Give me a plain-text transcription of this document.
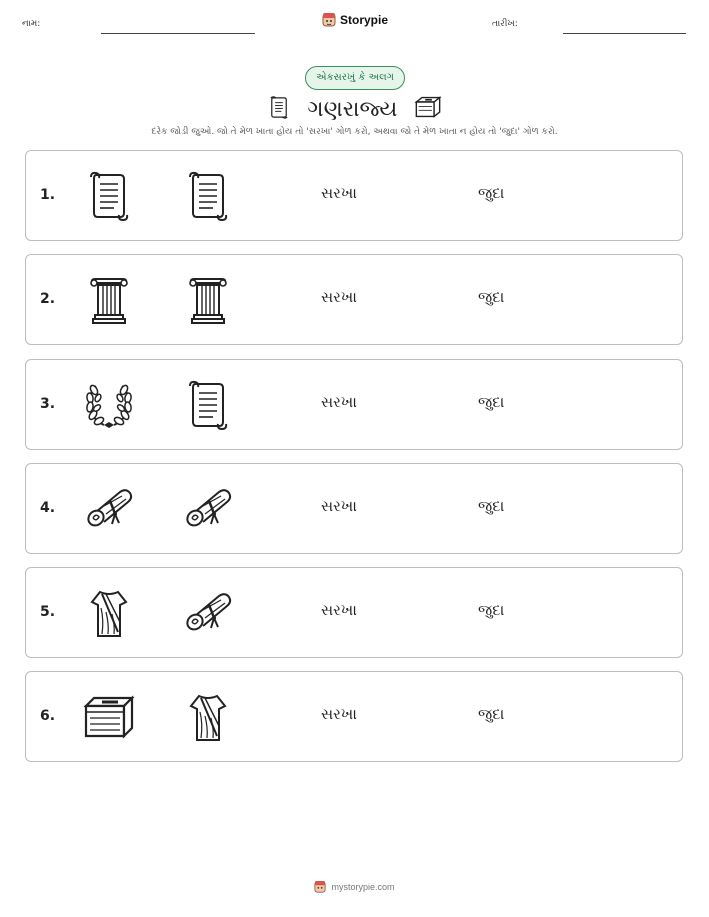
નામ:	Storypie	તારીખ:
એકસરખું કે અલગ
ગણરાજ્ય
દરેક જોડી જુઓ. જો તે મેળ ખાતા હોય તો 'સરખા' ગોળ કરો, અથવા જો તે મેળ ખાતા ન હોય તો 'જુદા' ગોળ કરો.
1.	સરખા	જુદા
2.	સરખા	જુદા
3.	સરખા	જુદા
4.	સરખા	જુદા
5.	સરખા	જુદા
6.	સરખા	જુદા
mystorypie.com
